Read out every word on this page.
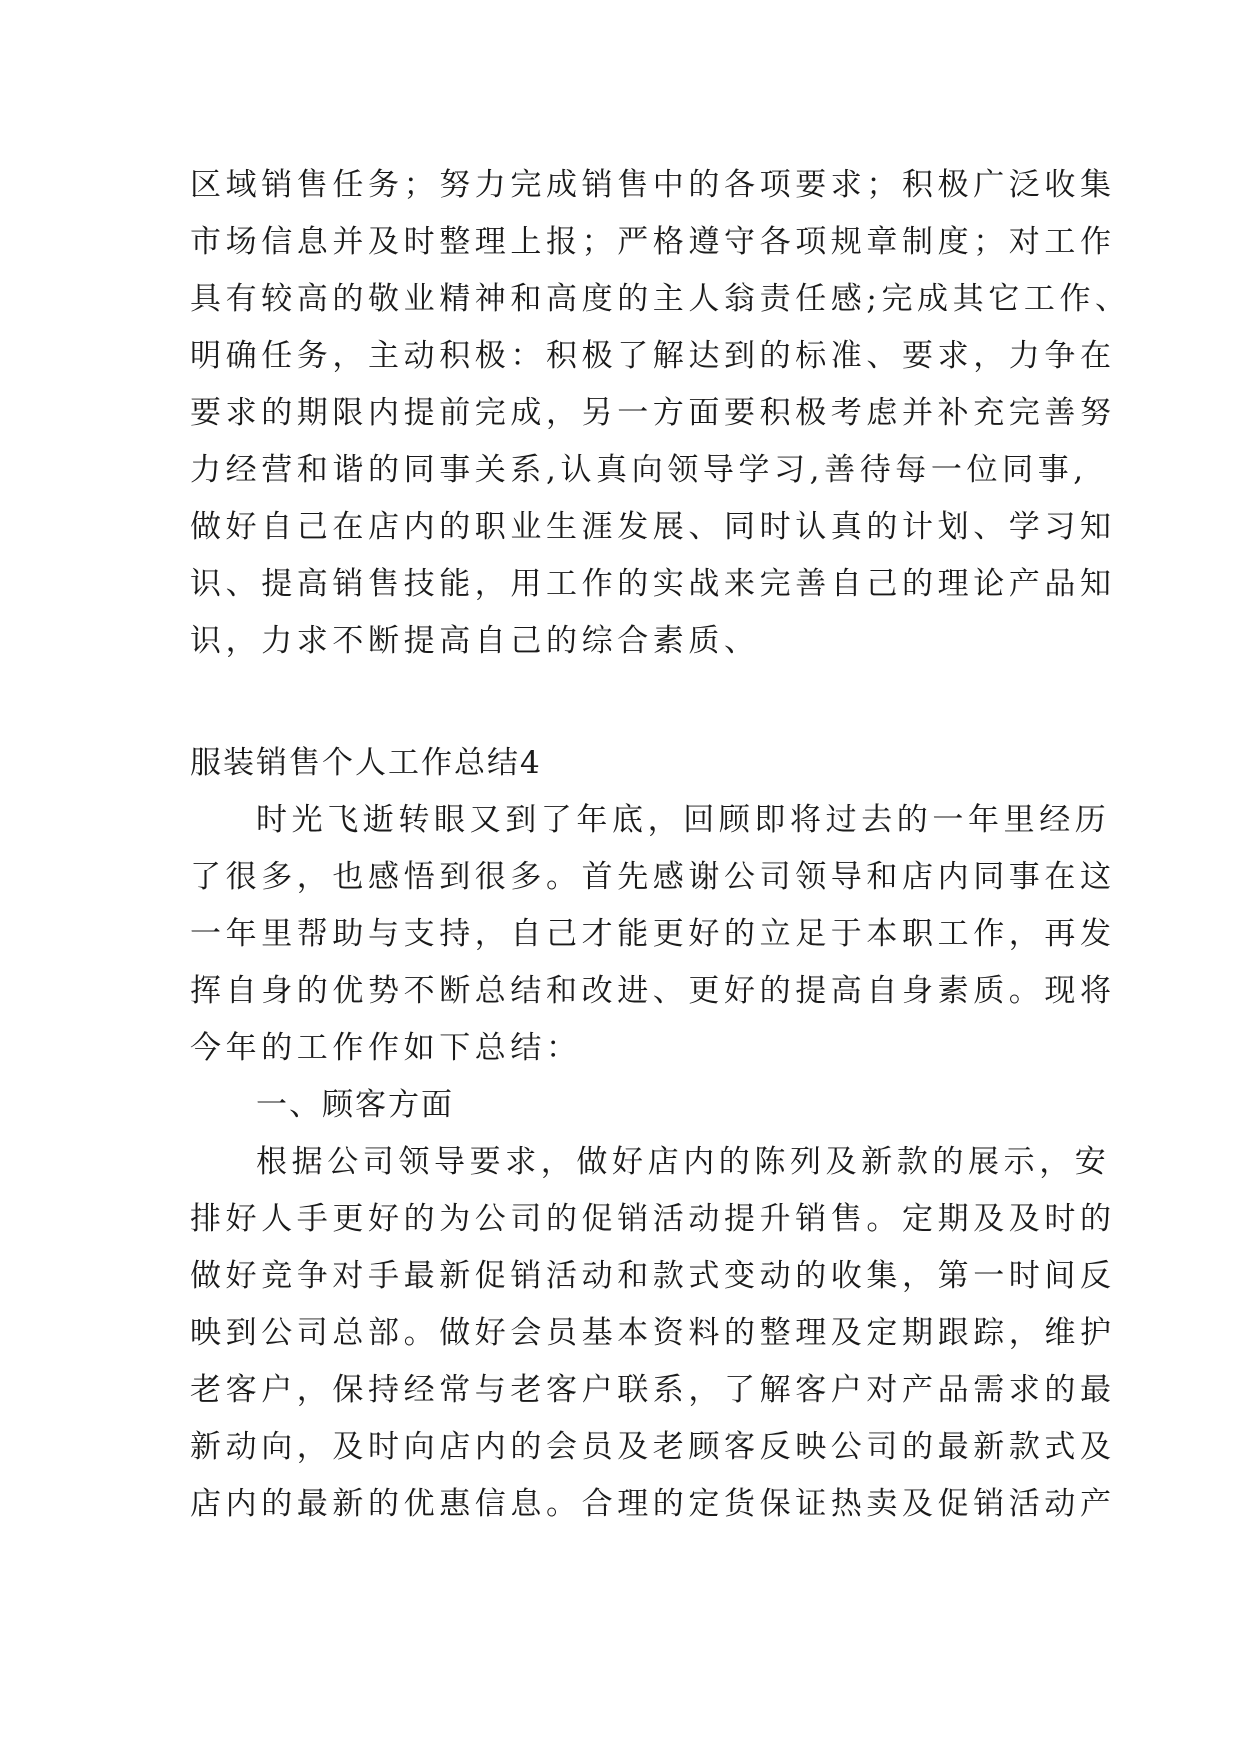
区域销售任务；努力完成销售中的各项要求；积极广泛收集
市场信息并及时整理上报；严格遵守各项规章制度；对工作
具有较高的敬业精神和高度的主人翁责任感;完成其它工作、
明确任务，主动积极：积极了解达到的标准、要求，力争在
要求的期限内提前完成，另一方面要积极考虑并补充完善努
力经营和谐的同事关系,认真向领导学习,善待每一位同事,
做好自己在店内的职业生涯发展、同时认真的计划、学习知
识、提高销售技能，用工作的实战来完善自己的理论产品知
识，力求不断提高自己的综合素质、
服装销售个人工作总结4
时光飞逝转眼又到了年底，回顾即将过去的一年里经历
了很多，也感悟到很多。首先感谢公司领导和店内同事在这
一年里帮助与支持，自己才能更好的立足于本职工作，再发
挥自身的优势不断总结和改进、更好的提高自身素质。现将
今年的工作作如下总结：
一、顾客方面
根据公司领导要求，做好店内的陈列及新款的展示，安
排好人手更好的为公司的促销活动提升销售。定期及及时的
做好竞争对手最新促销活动和款式变动的收集，第一时间反
映到公司总部。做好会员基本资料的整理及定期跟踪，维护
老客户，保持经常与老客户联系，了解客户对产品需求的最
新动向，及时向店内的会员及老顾客反映公司的最新款式及
店内的最新的优惠信息。合理的定货保证热卖及促销活动产
